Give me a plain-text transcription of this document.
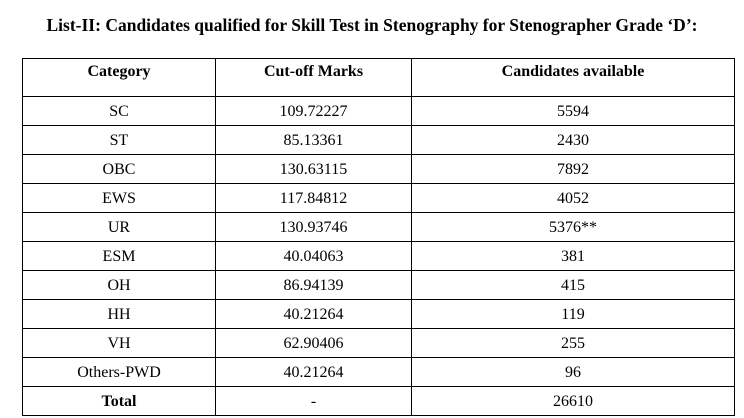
List-II: Candidates qualified for Skill Test in Stenography for Stenographer Grade ‘D’:
Category	Cut-off Marks	Candidates available
SC	109.72227	5594
ST	85.13361	2430
OBC	130.63115	7892
EWS	117.84812	4052
UR	130.93746	5376**
ESM	40.04063	381
OH	86.94139	415
HH	40.21264	119
VH	62.90406	255
Others-PWD	40.21264	96
Total	-	26610
